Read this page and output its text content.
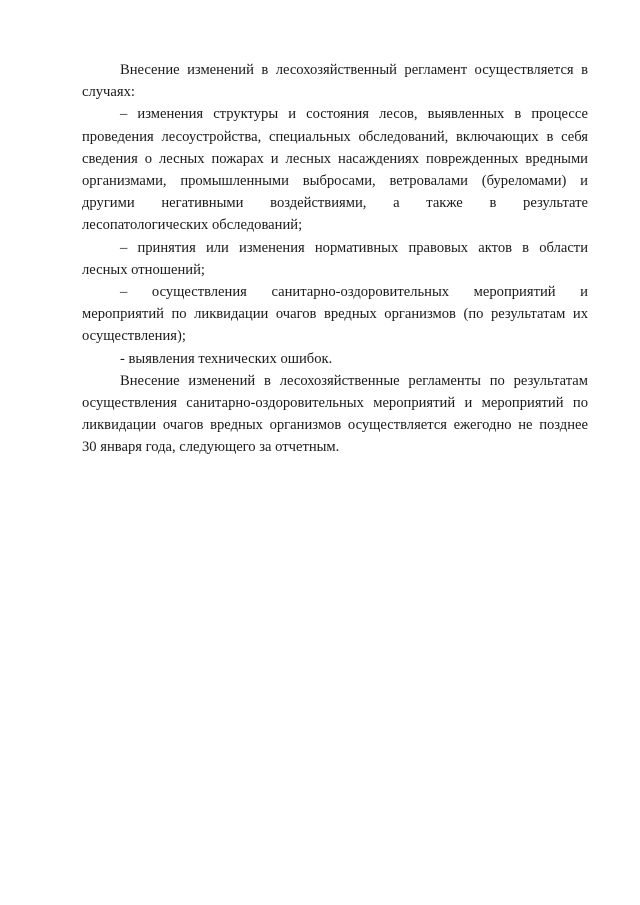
Внесение изменений в лесохозяйственный регламент осуществляется в
случаях:
– изменения структуры и состояния лесов, выявленных в процессе
проведения лесоустройства, специальных обследований, включающих в себя
сведения о лесных пожарах и лесных насаждениях поврежденных вредными
организмами, промышленными выбросами, ветровалами (буреломами) и
другими негативными воздействиями, а также в результате
лесопатологических обследований;
– принятия или изменения нормативных правовых актов в области
лесных отношений;
– осуществления санитарно-оздоровительных мероприятий и
мероприятий по ликвидации очагов вредных организмов (по результатам их
осуществления);
- выявления технических ошибок.
Внесение изменений в лесохозяйственные регламенты по результатам
осуществления санитарно-оздоровительных мероприятий и мероприятий по
ликвидации очагов вредных организмов осуществляется ежегодно не позднее
30 января года, следующего за отчетным.
